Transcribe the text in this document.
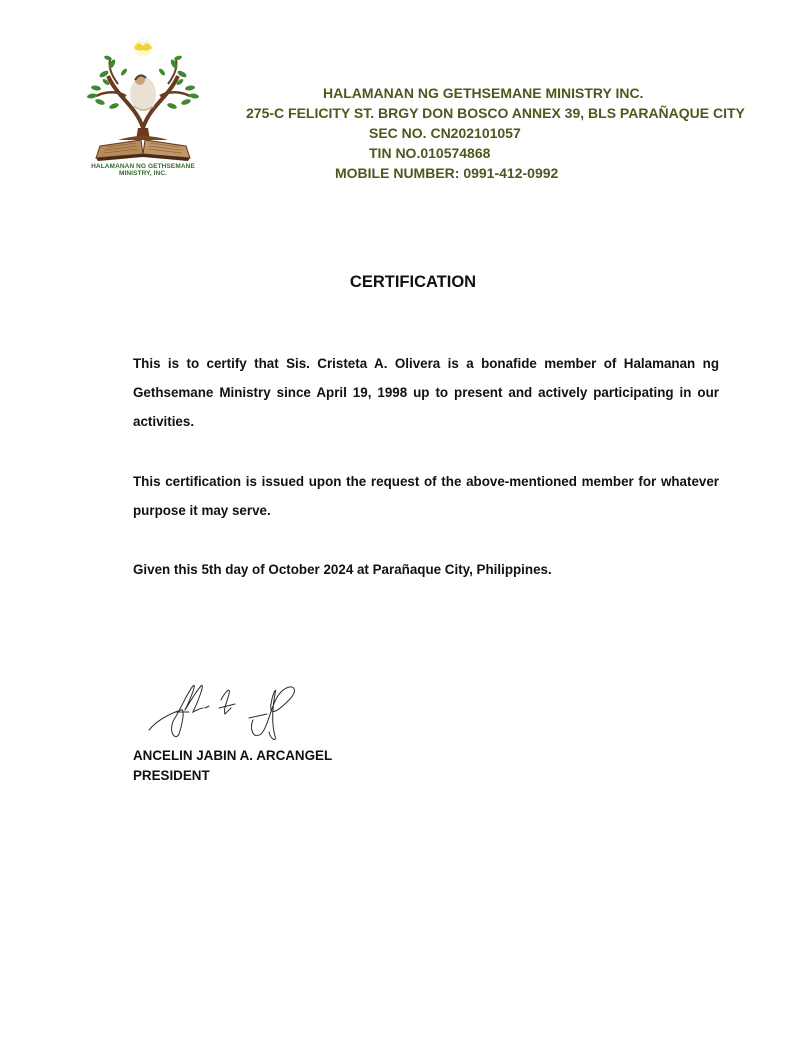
HALAMANAN NG GETHSEMANE
MINISTRY, INC.
HALAMANAN NG GETHSEMANE MINISTRY INC.
275-C FELICITY ST. BRGY DON BOSCO ANNEX 39, BLS PARAÑAQUE CITY
SEC NO. CN202101057
TIN NO.010574868
MOBILE NUMBER: 0991-412-0992
CERTIFICATION
This is to certify that Sis. Cristeta A. Olivera is a bonafide member of Halamanan ng Gethsemane Ministry since April 19, 1998 up to present and actively participating in our activities.
This certification is issued upon the request of the above-mentioned member for whatever purpose it may serve.
Given this 5th day of October 2024 at Parañaque City, Philippines.
ANCELIN JABIN A. ARCANGEL
PRESIDENT
